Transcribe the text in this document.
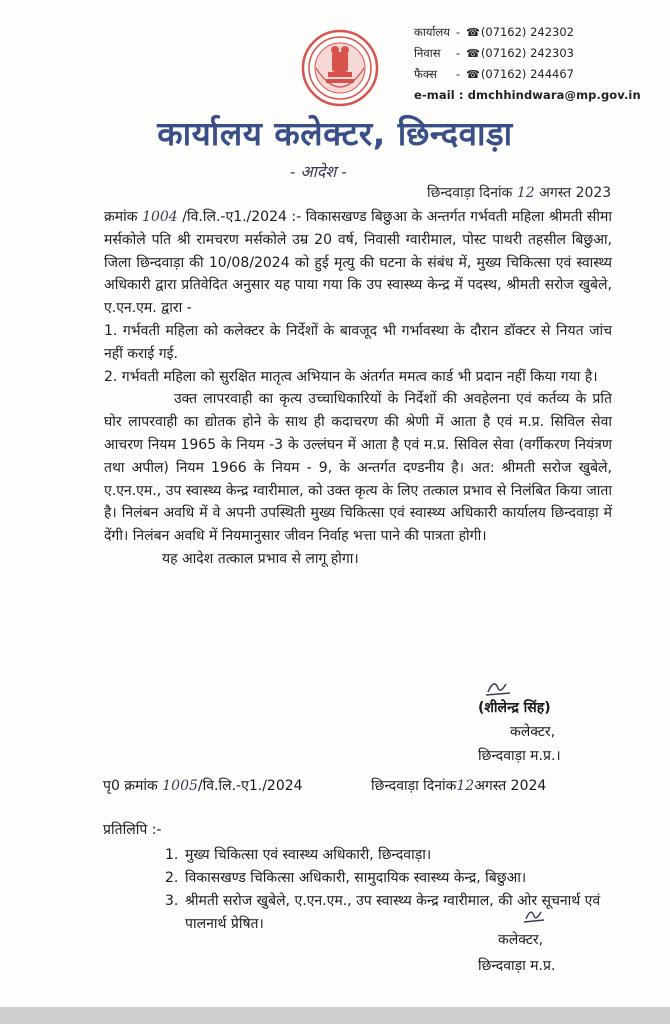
कार्यालय -	☎ (07162) 242302
निवास	-	☎ (07162) 242303
फैक्स	-	☎ (07162) 244467
e-mail : dmchhindwara@mp.gov.in
कार्यालय कलेक्टर, छिन्दवाड़ा
- आदेश -
छिन्दवाड़ा दिनांक 12 अगस्त 2023

क्रमांक 1004 /वि.लि.-ए1./2024 :- विकासखण्ड बिछुआ के अन्तर्गत गर्भवती महिला श्रीमती सीमा मर्सकोले पति श्री रामचरण मर्सकोले उम्र 20 वर्ष, निवासी ग्वारीमाल, पोस्ट पाथरी तहसील बिछुआ, जिला छिन्दवाड़ा की 10/08/2024 को हुई मृत्यु की घटना के संबंध में, मुख्य चिकित्सा एवं स्वास्थ्य अधिकारी द्वारा प्रतिवेदित अनुसार यह पाया गया कि उप स्वास्थ्य केन्द्र में पदस्थ, श्रीमती सरोज खुबेले, ए.एन.एम. द्वारा -

1. गर्भवती महिला को कलेक्टर के निर्देशों के बावजूद भी गर्भावस्था के दौरान डॉक्टर से नियत जांच नहीं कराई गई.

2. गर्भवती महिला को सुरक्षित मातृत्व अभियान के अंतर्गत ममत्व कार्ड भी प्रदान नहीं किया गया है।

उक्त लापरवाही का कृत्य उच्चाधिकारियों के निर्देशों की अवहेलना एवं कर्तव्य के प्रति घोर लापरवाही का द्योतक होने के साथ ही कदाचरण की श्रेणी में आता है एवं म.प्र. सिविल सेवा आचरण नियम 1965 के नियम -3 के उल्लंघन में आता है एवं म.प्र. सिविल सेवा (वर्गीकरण नियंत्रण तथा अपील) नियम 1966 के नियम - 9, के अन्तर्गत दण्डनीय है। अत: श्रीमती सरोज खुबेले, ए.एन.एम., उप स्वास्थ्य केन्द्र ग्वारीमाल, को उक्त कृत्य के लिए तत्काल प्रभाव से निलंबित किया जाता है। निलंबन अवधि में वे अपनी उपस्थिती मुख्य चिकित्सा एवं स्वास्थ्य अधिकारी कार्यालय छिन्दवाड़ा में देंगी। निलंबन अवधि में नियमानुसार जीवन निर्वाह भत्ता पाने की पात्रता होगी।

यह आदेश तत्काल प्रभाव से लागू होगा।

(शीलेन्द्र सिंह)
कलेक्टर,
छिन्दवाड़ा म.प्र.।
पृ0 क्रमांक 1005/वि.लि.-ए1./2024	छिन्दवाड़ा दिनांक12अगस्त 2024
प्रतिलिपि :-
1. मुख्य चिकित्सा एवं स्वास्थ्य अधिकारी, छिन्दवाड़ा।
2. विकासखण्ड चिकित्सा अधिकारी, सामुदायिक स्वास्थ्य केन्द्र, बिछुआ।
3. श्रीमती सरोज खुबेले, ए.एन.एम., उप स्वास्थ्य केन्द्र ग्वारीमाल, की ओर सूचनार्थ एवं पालनार्थ प्रेषित।
कलेक्टर,
छिन्दवाड़ा म.प्र.
